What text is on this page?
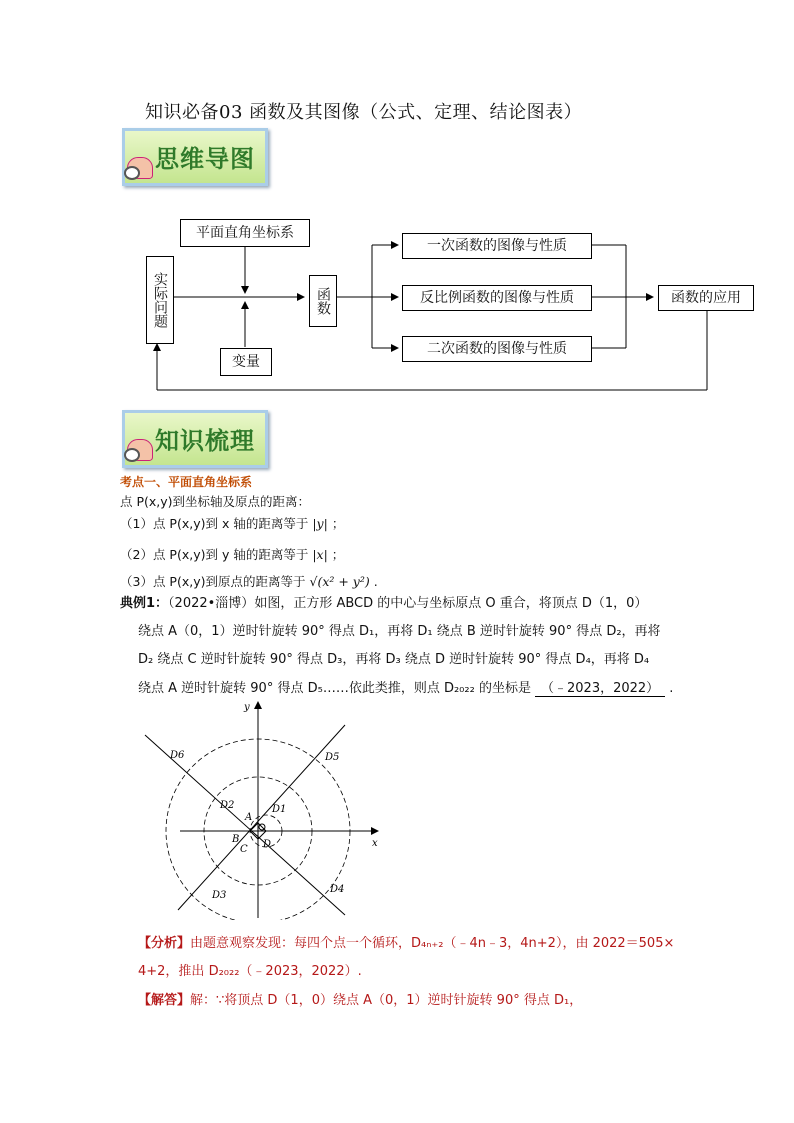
知识必备03 函数及其图像（公式、定理、结论图表）
思维导图
平面直角坐标系
实际问题
变量
函数
一次函数的图像与性质
反比例函数的图像与性质
二次函数的图像与性质
函数的应用
知识梳理
考点一、平面直角坐标系
点 P(x,y)到坐标轴及原点的距离：
（1）点 P(x,y)到 x 轴的距离等于 |y| ；
（2）点 P(x,y)到 y 轴的距离等于 |x| ；
（3）点 P(x,y)到原点的距离等于 √(x² + y²) .
典例1：（2022•淄博）如图，正方形 ABCD 的中心与坐标原点 O 重合，将顶点 D（1，0）
绕点 A（0，1）逆时针旋转 90° 得点 D₁，再将 D₁ 绕点 B 逆时针旋转 90° 得点 D₂，再将
D₂ 绕点 C 逆时针旋转 90° 得点 D₃，再将 D₃ 绕点 D 逆时针旋转 90° 得点 D₄，再将 D₄
绕点 A 逆时针旋转 90° 得点 D₅……依此类推，则点 D₂₀₂₂ 的坐标是 （﹣2023，2022） .
x
y
A
B
C D
D1
D2
D3
D4
D5
D6
【分析】由题意观察发现：每四个点一个循环，D₄ₙ₊₂（﹣4n﹣3，4n+2），由 2022＝505×
4+2，推出 D₂₀₂₂（﹣2023，2022）.
【解答】解：∵将顶点 D（1，0）绕点 A（0，1）逆时针旋转 90° 得点 D₁，
